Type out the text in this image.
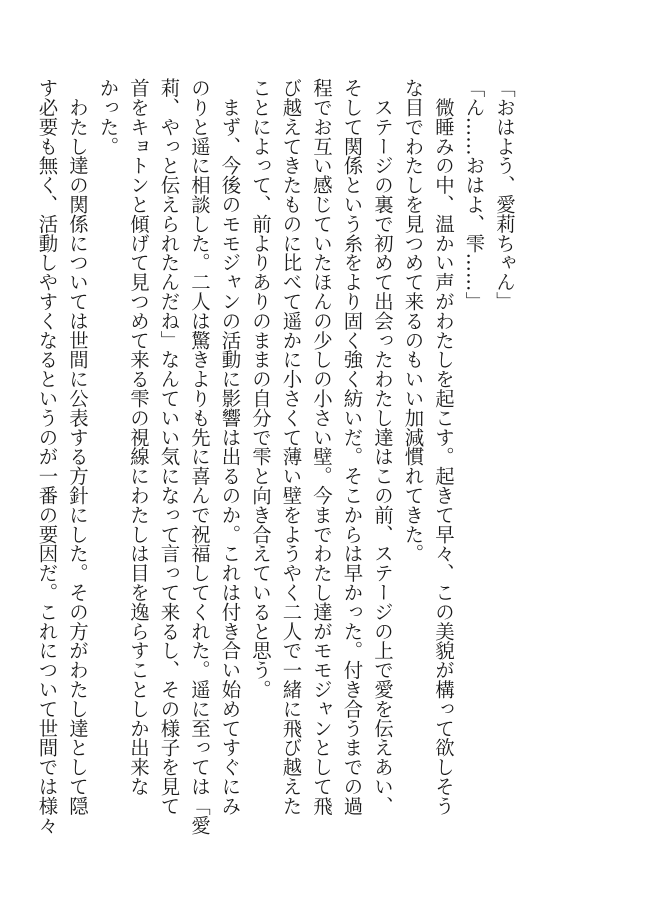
「おはよう、愛莉ちゃん」
「ん……おはよ、雫……」
　微睡みの中、温かい声がわたしを起こす。起きて早々、この美貌が構って欲しそう
な目でわたしを見つめて来るのもいい加減慣れてきた。
　ステージの裏で初めて出会ったわたし達はこの前、ステージの上で愛を伝えあい、
そして関係という糸をより固く強く紡いだ。そこからは早かった。付き合うまでの過
程でお互い感じていたほんの少しの小さい壁。今までわたし達がモモジャンとして飛
び越えてきたものに比べて遥かに小さくて薄い壁をようやく二人で一緒に飛び越えた
ことによって、前よりありのままの自分で雫と向き合えていると思う。
　まず、今後のモモジャンの活動に影響は出るのか。これは付き合い始めてすぐにみ
のりと遥に相談した。二人は驚きよりも先に喜んで祝福してくれた。遥に至っては「愛
莉、やっと伝えられたんだね」なんていい気になって言って来るし、その様子を見て
首をキョトンと傾げて見つめて来る雫の視線にわたしは目を逸らすことしか出来な
かった。
　わたし達の関係については世間に公表する方針にした。その方がわたし達として隠
す必要も無く、活動しやすくなるというのが一番の要因だ。これについて世間では様々
